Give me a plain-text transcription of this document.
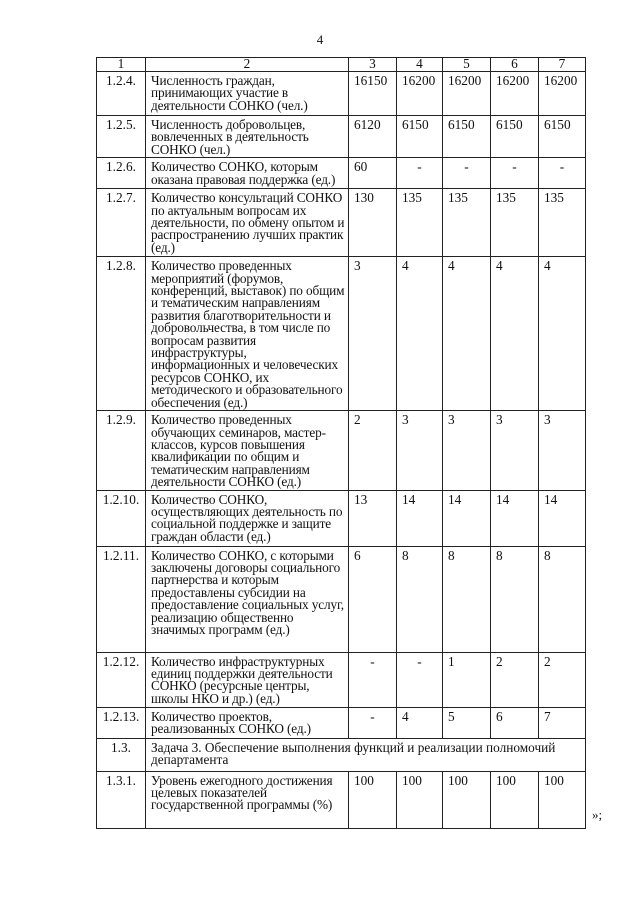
4
1	2	3	4	5	6	7
1.2.4.	Численность граждан, принимающих участие в деятельности СОНКО (чел.)	16150	16200	16200	16200	16200
1.2.5.	Численность добровольцев, вовлеченных в деятельность СОНКО (чел.)	6120	6150	6150	6150	6150
1.2.6.	Количество СОНКО, которым оказана правовая поддержка (ед.)	60	-	-	-	-
1.2.7.	Количество консультаций СОНКО по актуальным вопросам их деятельности, по обмену опытом и распространению лучших практик (ед.)	130	135	135	135	135
1.2.8.	Количество проведенных мероприятий (форумов, конференций, выставок) по общим и тематическим направлениям развития благотворительности и добровольчества, в том числе по вопросам развития инфраструктуры, информационных и человеческих ресурсов СОНКО, их методического и образовательного обеспечения (ед.)	3	4	4	4	4
1.2.9.	Количество проведенных обучающих семинаров, мастер-классов, курсов повышения квалификации по общим и тематическим направлениям деятельности СОНКО (ед.)	2	3	3	3	3
1.2.10.	Количество СОНКО, осуществляющих деятельность по социальной поддержке и защите граждан области (ед.)	13	14	14	14	14
1.2.11.	Количество СОНКО, с которыми заключены договоры социального партнерства и которым предоставлены субсидии на предоставление социальных услуг, реализацию общественно значимых программ (ед.)	6	8	8	8	8
1.2.12.	Количество инфраструктурных единиц поддержки деятельности СОНКО (ресурсные центры, школы НКО и др.) (ед.)	-	-	1	2	2
1.2.13.	Количество проектов, реализованных СОНКО (ед.)	-	4	5	6	7
1.3.	Задача 3. Обеспечение выполнения функций и реализации полномочий департамента					
1.3.1.	Уровень ежегодного достижения целевых показателей государственной программы (%)	100	100	100	100	100
»;
